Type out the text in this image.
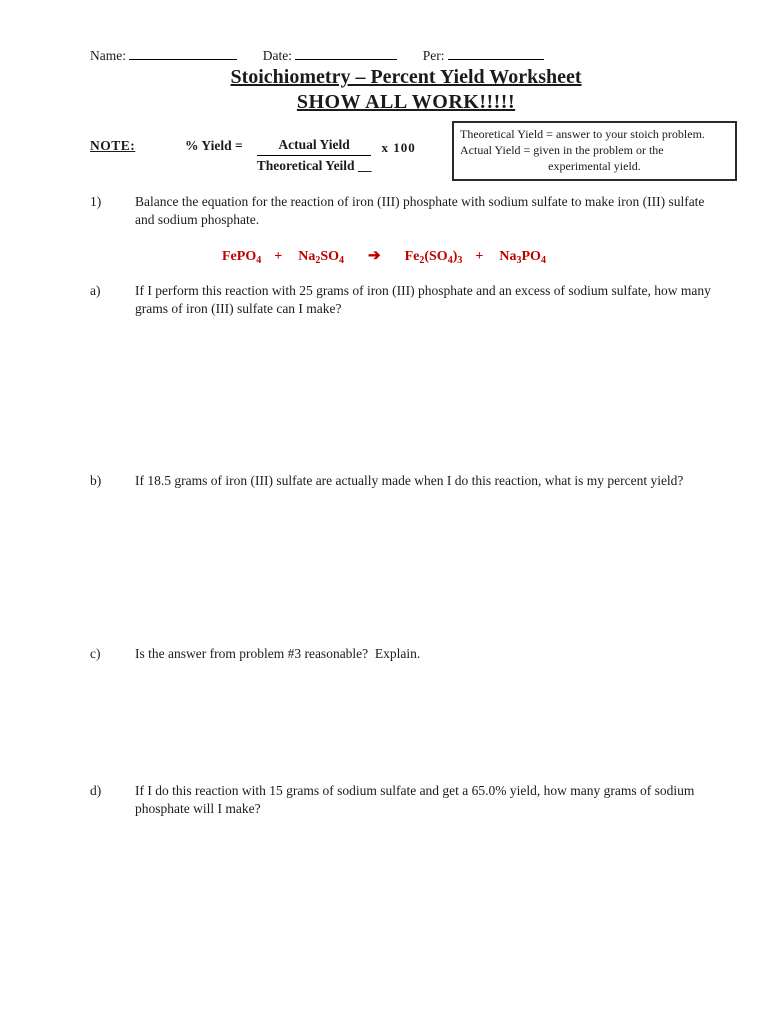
Name:	Date:	Per:
Stoichiometry – Percent Yield Worksheet
SHOW ALL WORK!!!!!
NOTE:	% Yield = $\frac{\text{Actual Yield}}{\text{Theoretical Yeild \_\_}}$ x 100
Theoretical Yield = answer to your stoich problem.
Actual Yield = given in the problem or the
experimental yield.
1)	Balance the equation for the reaction of iron (III) phosphate with sodium sulfate to make iron (III) sulfate and sodium phosphate.
FePO$_4$ + $Na_2SO_4$ ➔ $Fe_2(SO_4)_3 + Na_3PO_4$
a)	If I perform this reaction with 25 grams of iron (III) phosphate and an excess of sodium sulfate, how many grams of iron (III) sulfate can I make?
b)	If 18.5 grams of iron (III) sulfate are actually made when I do this reaction, what is my percent yield?
c)	Is the answer from problem #3 reasonable?  Explain.
d)	If I do this reaction with 15 grams of sodium sulfate and get a 65.0% yield, how many grams of sodium phosphate will I make?
